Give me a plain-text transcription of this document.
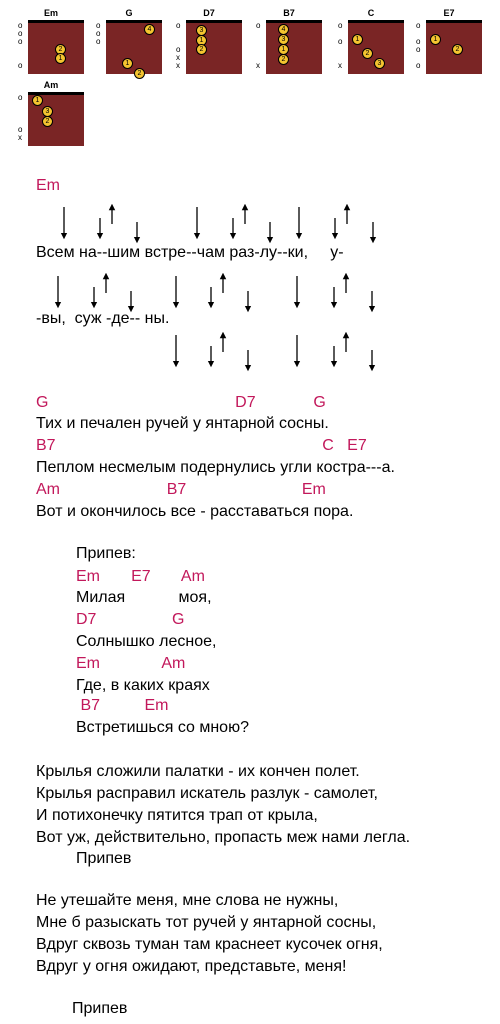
Em
o
o
o

o
2
1
G
o
o
o

4
1
2
D7
o

o
x
x
3
1
2
B7
o

x
4
3
1
2
C
o

o

x
1
2
3
E7
o

o
o

o
1
2
Am
o

o
x
1
3
2
Em
Всем на--шим встре--чам раз-лу--ки,     у-
-вы,  суж -де-- ны.
G                                          D7             G
Тих и печален ручей у янтарной сосны.
B7                                                            C   E7
Пеплом несмелым подернулись угли костра---а.
Am                        B7                          Em
Вот и окончилось все - расставаться пора.
Припев:
Em       E7       Am
Милая            моя,
D7                 G
Солнышко лесное,
Em              Am
Где, в каких краях
B7          Em
Встретишься со мною?
Крылья сложили палатки - их кончен полет.
Крылья расправил искатель разлук - самолет,
И потихонечку пятится трап от крыла,
Вот уж, действительно, пропасть меж нами легла.
Припев
Не утешайте меня, мне слова не нужны,
Мне б разыскать тот ручей у янтарной сосны,
Вдруг сквозь туман там краснеет кусочек огня,
Вдруг у огня ожидают, представьте, меня!
Припев
